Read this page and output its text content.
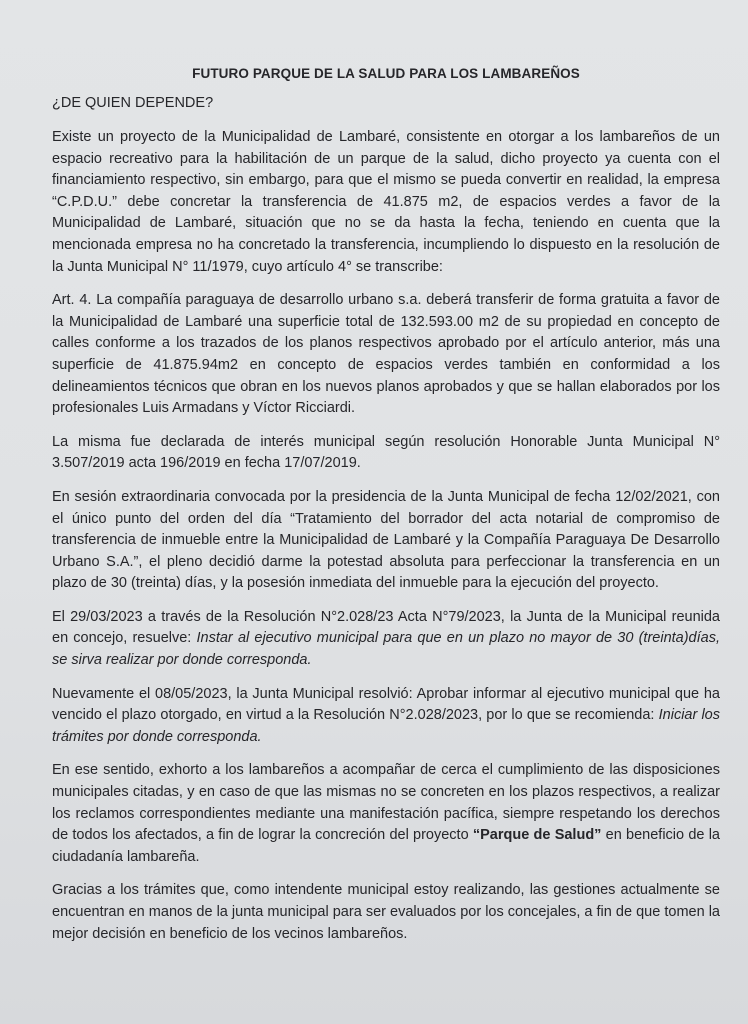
FUTURO PARQUE DE LA SALUD PARA LOS LAMBAREÑOS
¿DE QUIEN DEPENDE?

Existe un proyecto de la Municipalidad de Lambaré, consistente en otorgar a los lambareños de un espacio recreativo para la habilitación de un parque de la salud, dicho proyecto ya cuenta con el financiamiento respectivo, sin embargo, para que el mismo se pueda convertir en realidad, la empresa “C.P.D.U.” debe concretar la transferencia de 41.875 m2, de espacios verdes a favor de la Municipalidad de Lambaré, situación que no se da hasta la fecha, teniendo en cuenta que la mencionada empresa no ha concretado la transferencia, incumpliendo lo dispuesto en la resolución de la Junta Municipal N° 11/1979, cuyo artículo 4° se transcribe:

Art. 4. La compañía paraguaya de desarrollo urbano s.a. deberá transferir de forma gratuita a favor de la Municipalidad de Lambaré una superficie total de 132.593.00 m2 de su propiedad en concepto de calles conforme a los trazados de los planos respectivos aprobado por el artículo anterior, más una superficie de 41.875.94m2 en concepto de espacios verdes también en conformidad a los delineamientos técnicos que obran en los nuevos planos aprobados y que se hallan elaborados por los profesionales Luis Armadans y Víctor Ricciardi.

La misma fue declarada de interés municipal según resolución Honorable Junta Municipal N° 3.507/2019 acta 196/2019 en fecha 17/07/2019.

En sesión extraordinaria convocada por la presidencia de la Junta Municipal de fecha 12/02/2021, con el único punto del orden del día “Tratamiento del borrador del acta notarial de compromiso de transferencia de inmueble entre la Municipalidad de Lambaré y la Compañía Paraguaya De Desarrollo Urbano S.A.”, el pleno decidió darme la potestad absoluta para perfeccionar la transferencia en un plazo de 30 (treinta) días, y la posesión inmediata del inmueble para la ejecución del proyecto.

El 29/03/2023 a través de la Resolución N°2.028/23 Acta N°79/2023, la Junta de la Municipal reunida en concejo, resuelve: Instar al ejecutivo municipal para que en un plazo no mayor de 30 (treinta)días, se sirva realizar por donde corresponda.

Nuevamente el 08/05/2023, la Junta Municipal resolvió: Aprobar informar al ejecutivo municipal que ha vencido el plazo otorgado, en virtud a la Resolución N°2.028/2023, por lo que se recomienda: Iniciar los trámites por donde corresponda.

En ese sentido, exhorto a los lambareños a acompañar de cerca el cumplimiento de las disposiciones municipales citadas, y en caso de que las mismas no se concreten en los plazos respectivos, a realizar los reclamos correspondientes mediante una manifestación pacífica, siempre respetando los derechos de todos los afectados, a fin de lograr la concreción del proyecto “Parque de Salud” en beneficio de la ciudadanía lambareña.

Gracias a los trámites que, como intendente municipal estoy realizando, las gestiones actualmente se encuentran en manos de la junta municipal para ser evaluados por los concejales, a fin de que tomen la mejor decisión en beneficio de los vecinos lambareños.
